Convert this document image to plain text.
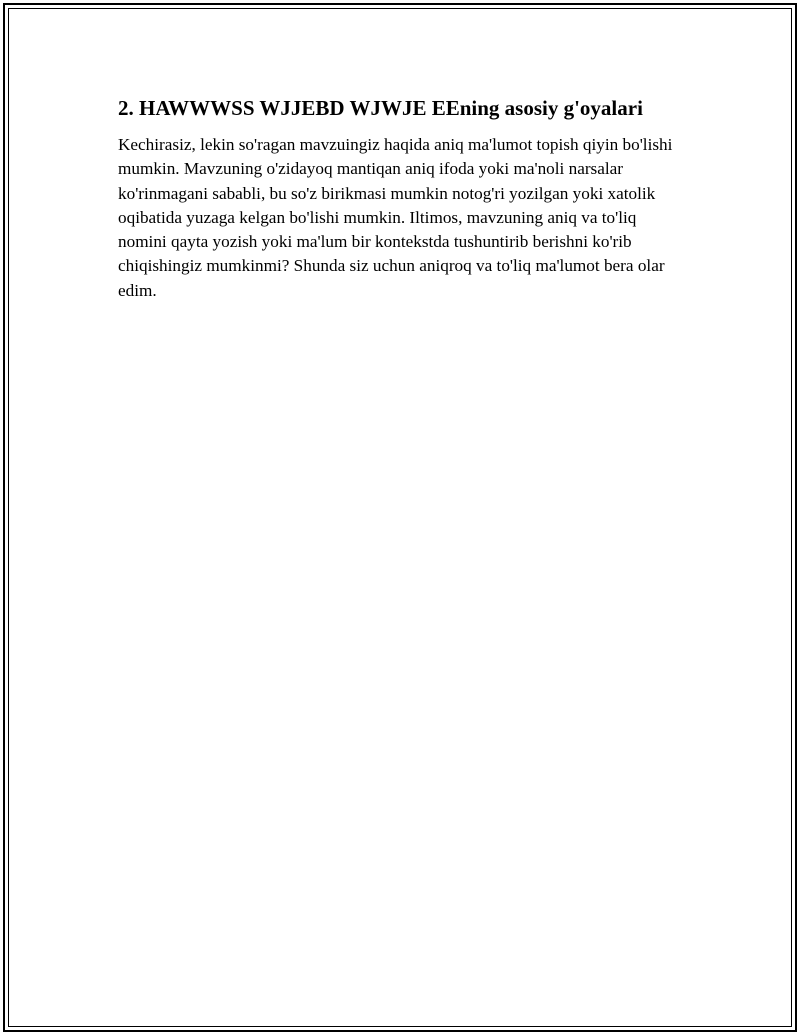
2. HAWWWSS WJJEBD WJWJE EEning asosiy g'oyalari

Kechirasiz, lekin so'ragan mavzuingiz haqida aniq ma'lumot topish qiyin bo'lishi mumkin. Mavzuning o'zidayoq mantiqan aniq ifoda yoki ma'noli narsalar ko'rinmagani sababli, bu so'z birikmasi mumkin notog'ri yozilgan yoki xatolik oqibatida yuzaga kelgan bo'lishi mumkin. Iltimos, mavzuning aniq va to'liq nomini qayta yozish yoki ma'lum bir kontekstda tushuntirib berishni ko'rib chiqishingiz mumkinmi? Shunda siz uchun aniqroq va to'liq ma'lumot bera olar edim.
